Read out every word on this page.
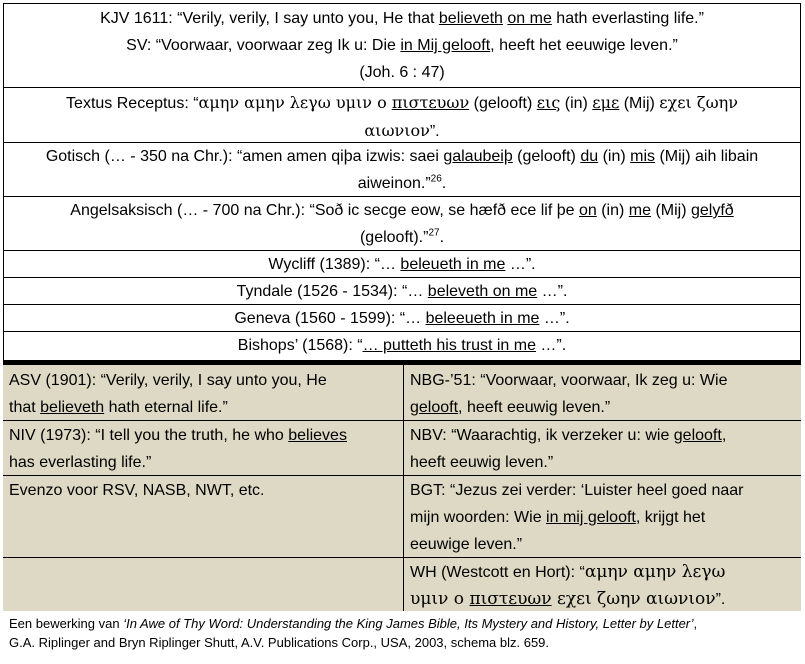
KJV 1611: “Verily, verily, I say unto you, He that believeth on me hath everlasting life.”
SV: “Voorwaar, voorwaar zeg Ik u: Die in Mij gelooft, heeft het eeuwige leven.”
(Joh. 6 : 47)
Textus Receptus: “αμην αμην λεγω υμιν ο πιστευων (gelooft) εις (in) εμε (Mij) εχει ζωην
αιωνιον”.
Gotisch (… - 350 na Chr.): “amen amen qiþa izwis: saei galaubeiþ (gelooft) du (in) mis (Mij) aih libain
aiweinon.”$^{26}$.
Angelsaksisch (… - 700 na Chr.): “Soð ic secge eow, se hæfð ece lif þe on (in) me (Mij) gelyfð
(gelooft).”$^{27}$.
Wycliff (1389): “… beleueth in me …”.
Tyndale (1526 - 1534): “… beleveth on me …”.
Geneva (1560 - 1599): “… beleeueth in me …”.
Bishops’ (1568): “… putteth his trust in me …”.
ASV (1901): “Verily, verily, I say unto you, He
that believeth hath eternal life.”
NBG-’51: “Voorwaar, voorwaar, Ik zeg u: Wie
gelooft, heeft eeuwig leven.”
NIV (1973): “I tell you the truth, he who believes
has everlasting life.”
NBV: “Waarachtig, ik verzeker u: wie gelooft,
heeft eeuwig leven.”
Evenzo voor RSV, NASB, NWT, etc.	BGT: “Jezus zei verder: ‘Luister heel goed naar
mijn woorden: Wie in mij gelooft, krijgt het
eeuwige leven.”
WH (Westcott en Hort): “αμην αμην λεγω
υμιν ο πιστευων εχει ζωην αιωνιον”.
Een bewerking van ‘In Awe of Thy Word: Understanding the King James Bible, Its Mystery and History, Letter by Letter’,
G.A. Riplinger and Bryn Riplinger Shutt, A.V. Publications Corp., USA, 2003, schema blz. 659.
